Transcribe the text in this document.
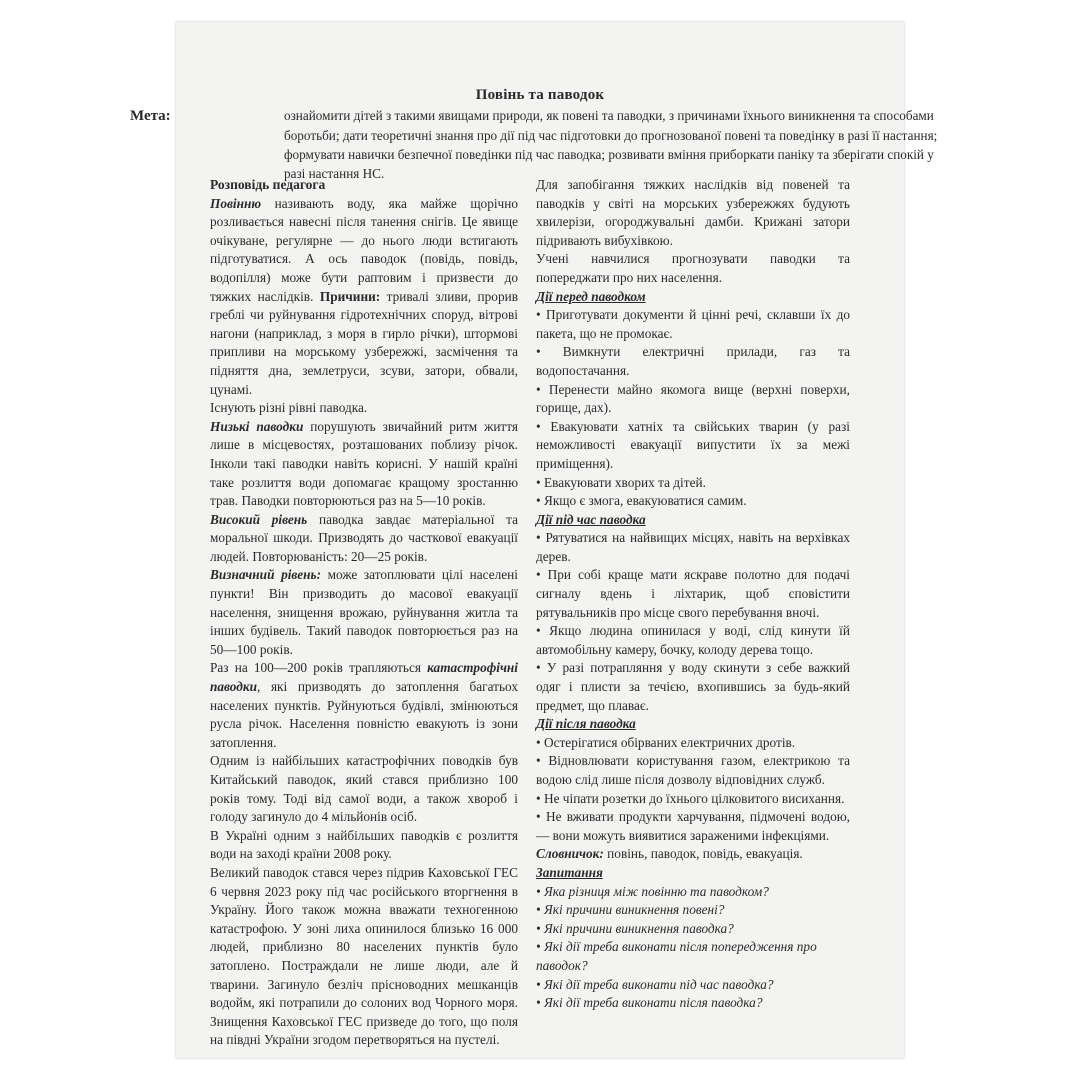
Повінь та паводок
Мета:	ознайомити дітей з такими явищами природи, як повені та паводки, з причинами їхнього виникнення та способами боротьби; дати теоретичні знання про дії під час підготовки до прогнозованої повені та поведінку в разі її настання; формувати навички безпечної поведінки під час паводка; розвивати вміння приборкати паніку та зберігати спокій у разі настання НС.

Розповідь педагога

Повінню називають воду, яка майже щорічно розливається навесні після танення снігів. Це явище очікуване, регулярне — до нього люди встигають підготуватися. А ось паводок (повідь, повідь, водопілля) може бути раптовим і призвести до тяжких наслідків. Причини: тривалі зливи, прорив греблі чи руйнування гідротехнічних споруд, вітрові нагони (наприклад, з моря в гирло річки), штормові припливи на морському узбережжі, засмічення та підняття дна, землетруси, зсуви, затори, обвали, цунамі.

Існують різні рівні паводка.

Низькі паводки порушують звичайний ритм життя лише в місцевостях, розташованих поблизу річок. Інколи такі паводки навіть корисні. У нашій країні таке розлиття води допомагає кращому зростанню трав. Паводки повторюються раз на 5—10 років.

Високий рівень паводка завдає матеріальної та моральної шкоди. Призводять до часткової евакуації людей. Повторюваність: 20—25 років.

Визначний рівень: може затоплювати цілі населені пункти! Він призводить до масової евакуації населення, знищення врожаю, руйнування житла та інших будівель. Такий паводок повторюється раз на 50—100 років.

Раз на 100—200 років трапляються катастрофічні паводки, які призводять до затоплення багатьох населених пунктів. Руйнуються будівлі, змінюються русла річок. Населення повністю евакують із зони затоплення.

Одним із найбільших катастрофічних поводків був Китайський паводок, який стався приблизно 100 років тому. Тоді від самої води, а також хвороб і голоду загинуло до 4 мільйонів осіб.

В Україні одним з найбільших паводків є розлиття води на заході країни 2008 року.

Великий паводок стався через підрив Каховської ГЕС 6 червня 2023 року під час російського вторгнення в Україну. Його також можна вважати техногенною катастрофою. У зоні лиха опинилося близько 16 000 людей, приблизно 80 населених пунктів було затоплено. Постраждали не лише люди, але й тварини. Загинуло безліч прісноводних мешканців водойм, які потрапили до солоних вод Чорного моря. Знищення Каховської ГЕС призведе до того, що поля на півдні України згодом перетворяться на пустелі.

Для запобігання тяжких наслідків від повеней та паводків у світі на морських узбережжях будують хвилерізи, огороджувальні дамби. Крижані затори підривають вибухівкою.

Учені навчилися прогнозувати паводки та попереджати про них населення.

Дії перед паводком

• Приготувати документи й цінні речі, склавши їх до пакета, що не промокає.

• Вимкнути електричні прилади, газ та водопостачання.

• Перенести майно якомога вище (верхні поверхи, горище, дах).

• Евакуювати хатніх та свійських тварин (у разі неможливості евакуації випустити їх за межі приміщення).

• Евакуювати хворих та дітей.

• Якщо є змога, евакуюватися самим.

Дії під час паводка

• Рятуватися на найвищих місцях, навіть на верхівках дерев.

• При собі краще мати яскраве полотно для подачі сигналу вдень і ліхтарик, щоб сповістити рятувальників про місце свого перебування вночі.

• Якщо людина опинилася у воді, слід кинути їй автомобільну камеру, бочку, колоду дерева тощо.

• У разі потрапляння у воду скинути з себе важкий одяг і плисти за течією, вхопившись за будь-який предмет, що плаває.

Дії після паводка

• Остерігатися обірваних електричних дротів.

• Відновлювати користування газом, електрикою та водою слід лише після дозволу відповідних служб.

• Не чіпати розетки до їхнього цілковитого висихання.

• Не вживати продукти харчування, підмочені водою, — вони можуть виявитися зараженими інфекціями.

Словничок: повінь, паводок, повідь, евакуація.

Запитання

• Яка різниця між повінню та паводком?

• Які причини виникнення повені?

• Які причини виникнення паводка?

• Які дії треба виконати після попередження про паводок?

• Які дії треба виконати під час паводка?

• Які дії треба виконати після паводка?
